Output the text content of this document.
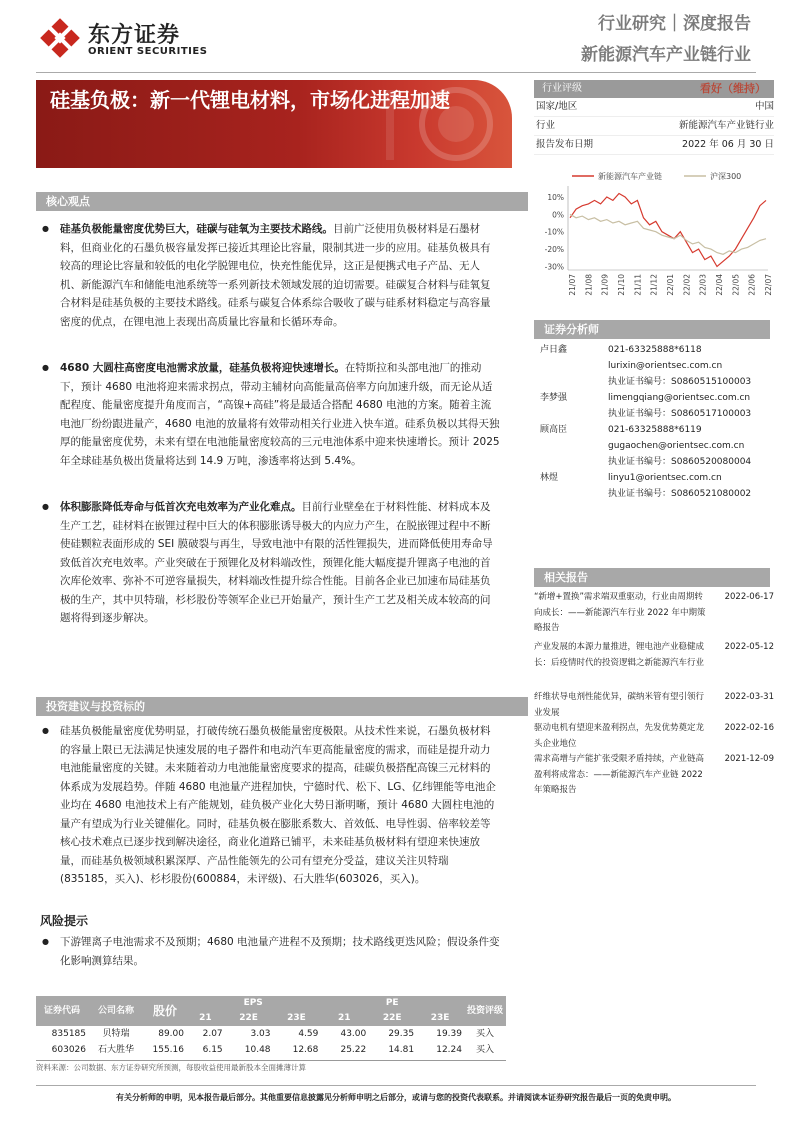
东方证券
ORIENT SECURITIES
行业研究｜深度报告
新能源汽车产业链行业
硅基负极：新一代锂电材料，市场化进程加速	行业评级	看好（维持）
国家/地区	中国
行业	新能源汽车产业链行业
报告发布日期	2022 年 06 月 30 日
新能源汽车产业链	沪深300
10%
0%
-10%
-20%
-30%
21/07 21/08 21/09 21/10 21/11 21/12 22/01 22/02 22/03 22/04 22/05 22/06 22/07
核心观点
● 硅基负极能量密度优势巨大，硅碳与硅氧为主要技术路线。目前广泛使用负极材料是石墨材料，但商业化的石墨负极容量发挥已接近其理论比容量，限制其进一步的应用。硅基负极具有较高的理论比容量和较低的电化学脱锂电位，快充性能优异，这正是便携式电子产品、无人机、新能源汽车和储能电池系统等一系列新技术领域发展的迫切需要。硅碳复合材料与硅氧复合材料是硅基负极的主要技术路线。硅系与碳复合体系综合吸收了碳与硅系材料稳定与高容量密度的优点，在锂电池上表现出高质量比容量和长循环寿命。
● 4680 大圆柱高密度电池需求放量，硅基负极将迎快速增长。在特斯拉和头部电池厂的推动下，预计 4680 电池将迎来需求拐点，带动主辅材向高能量高倍率方向加速升级，而无论从适配程度、能量密度提升角度而言，“高镍+高硅”将是最适合搭配 4680 电池的方案。随着主流电池厂纷纷跟进量产，4680 电池的放量将有效带动相关行业进入快车道。硅系负极以其得天独厚的能量密度优势，未来有望在电池能量密度较高的三元电池体系中迎来快速增长。预计 2025 年全球硅基负极出货量将达到 14.9 万吨，渗透率将达到 5.4%。
● 体积膨胀降低寿命与低首次充电效率为产业化难点。目前行业壁垒在于材料性能、材料成本及生产工艺，硅材料在嵌锂过程中巨大的体积膨胀诱导极大的内应力产生，在脱嵌锂过程中不断使硅颗粒表面形成的 SEI 膜破裂与再生，导致电池中有限的活性锂损失，进而降低使用寿命导致低首次充电效率。产业突破在于预锂化及材料端改性，预锂化能大幅度提升锂离子电池的首次库伦效率、弥补不可逆容量损失，材料端改性提升综合性能。目前各企业已加速布局硅基负极的生产，其中贝特瑞，杉杉股份等领军企业已开始量产，预计生产工艺及相关成本较高的问题将得到逐步解决。
投资建议与投资标的
● 硅基负极能量密度优势明显，打破传统石墨负极能量密度极限。从技术性来说，石墨负极材料的容量上限已无法满足快速发展的电子器件和电动汽车更高能量密度的需求，而硅是提升动力电池能量密度的关键。未来随着动力电池能量密度要求的提高，硅碳负极搭配高镍三元材料的体系成为发展趋势。伴随 4680 电池量产进程加快，宁德时代、松下、LG、亿纬锂能等电池企业均在 4680 电池技术上有产能规划，硅负极产业化大势日渐明晰，预计 4680 大圆柱电池的量产有望成为行业关键催化。同时，硅基负极在膨胀系数大、首效低、电导性弱、倍率较差等核心技术难点已逐步找到解决途径，商业化道路已铺平，未来硅基负极材料有望迎来快速放量，而硅基负极领域积累深厚、产品性能领先的公司有望充分受益，建议关注贝特瑞(835185，买入)、杉杉股份(600884，未评级)、石大胜华(603026，买入)。
风险提示
● 下游锂离子电池需求不及预期；4680 电池量产进程不及预期；技术路线更迭风险；假设条件变化影响测算结果。
证券代码	公司名称	股价	EPS			PE			投资评级
			21	22E	23E	21	22E	23E	
835185	贝特瑞	89.00	2.07	3.03	4.59	43.00	29.35	19.39	买入
603026	石大胜华	155.16	6.15	10.48	12.68	25.22	14.81	12.24	买入
资料来源：公司数据、东方证券研究所预测，每股收益使用最新股本全面摊薄计算
证券分析师
卢日鑫	021-63325888*6118
lurixin@orientsec.com.cn
执业证书编号：S0860515100003
李梦强	limengqiang@orientsec.com.cn
执业证书编号：S0860517100003
顾高臣	021-63325888*6119
gugaochen@orientsec.com.cn
执业证书编号：S0860520080004
林煜	linyu1@orientsec.com.cn
执业证书编号：S0860521080002
相关报告
“新增+置换”需求端双重驱动，行业由周期转向成长：——新能源汽车行业 2022 年中期策略报告
2022-06-17
产业发展的本源力量推进，锂电池产业稳健成长：后疫情时代的投资逻辑之新能源汽车行业
2022-05-12
纤维状导电剂性能优异，碳纳米管有望引领行业发展
2022-03-31
驱动电机有望迎来盈利拐点，先发优势奠定龙头企业地位
2022-02-16
需求高增与产能扩张受限矛盾持续，产业链高盈利将成常态：——新能源汽车产业链 2022 年策略报告
2021-12-09
有关分析师的申明，见本报告最后部分。其他重要信息披露见分析师申明之后部分，或请与您的投资代表联系。并请阅读本证券研究报告最后一页的免责申明。
